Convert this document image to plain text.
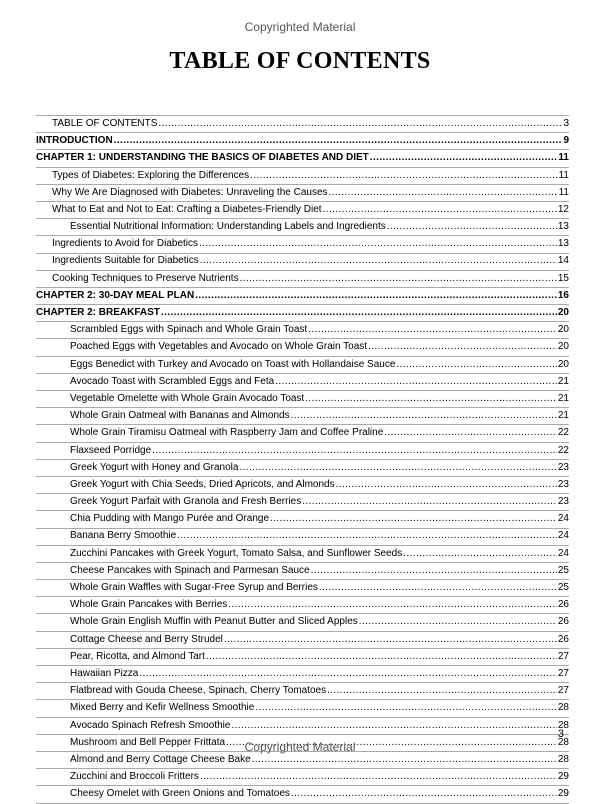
Copyrighted Material
TABLE OF CONTENTS
TABLE OF CONTENTS .....	3
INTRODUCTION .....	9
CHAPTER 1: UNDERSTANDING THE BASICS OF DIABETES AND DIET .....	11
Types of Diabetes: Exploring the Differences .....	11
Why We Are Diagnosed with Diabetes: Unraveling the Causes .....	11
What to Eat and Not to Eat: Crafting a Diabetes-Friendly Diet .....	12
Essential Nutritional Information: Understanding Labels and Ingredients .....	13
Ingredients to Avoid for Diabetics .....	13
Ingredients Suitable for Diabetics .....	14
Cooking Techniques to Preserve Nutrients .....	15
CHAPTER 2: 30-DAY MEAL PLAN .....	16
CHAPTER 2: BREAKFAST .....	20
Scrambled Eggs with Spinach and Whole Grain Toast .....	20
Poached Eggs with Vegetables and Avocado on Whole Grain Toast .....	20
Eggs Benedict with Turkey and Avocado on Toast with Hollandaise Sauce .....	20
Avocado Toast with Scrambled Eggs and Feta .....	21
Vegetable Omelette with Whole Grain Avocado Toast .....	21
Whole Grain Oatmeal with Bananas and Almonds .....	21
Whole Grain Tiramisu Oatmeal with Raspberry Jam and Coffee Praline .....	22
Flaxseed Porridge .....	22
Greek Yogurt with Honey and Granola .....	23
Greek Yogurt with Chia Seeds, Dried Apricots, and Almonds .....	23
Greek Yogurt Parfait with Granola and Fresh Berries .....	23
Chia Pudding with Mango Purée and Orange .....	24
Banana Berry Smoothie .....	24
Zucchini Pancakes with Greek Yogurt, Tomato Salsa, and Sunflower Seeds .....	24
Cheese Pancakes with Spinach and Parmesan Sauce .....	25
Whole Grain Waffles with Sugar-Free Syrup and Berries .....	25
Whole Grain Pancakes with Berries .....	26
Whole Grain English Muffin with Peanut Butter and Sliced Apples .....	26
Cottage Cheese and Berry Strudel .....	26
Pear, Ricotta, and Almond Tart .....	27
Hawaiian Pizza .....	27
Flatbread with Gouda Cheese, Spinach, Cherry Tomatoes .....	27
Mixed Berry and Kefir Wellness Smoothie .....	28
Avocado Spinach Refresh Smoothie .....	28
Mushroom and Bell Pepper Frittata .....	28
Almond and Berry Cottage Cheese Bake .....	28
Zucchini and Broccoli Fritters .....	29
Cheesy Omelet with Green Onions and Tomatoes .....	29
3
Copyrighted Material
